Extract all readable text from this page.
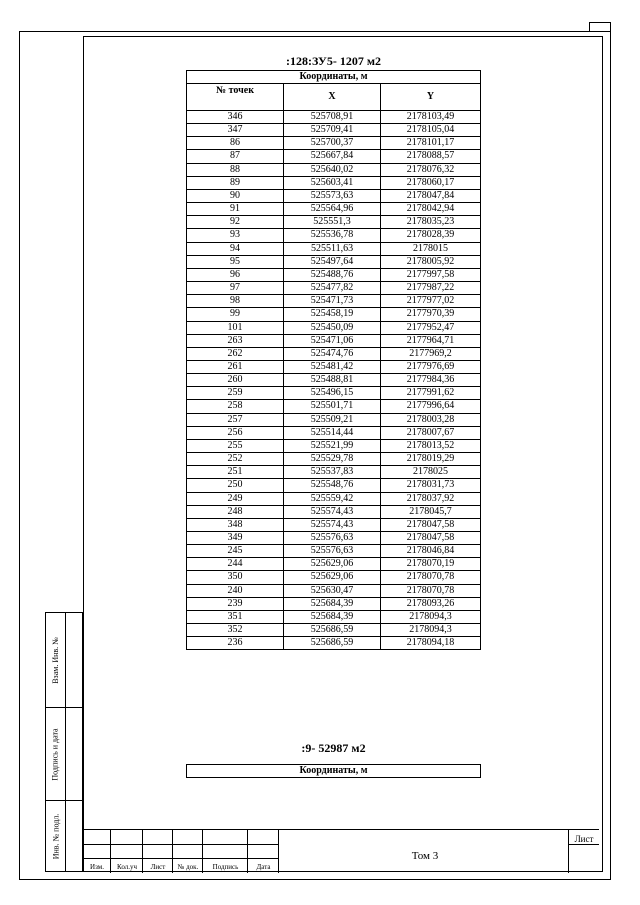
Взам. Инв. №
Подпись и дата
Инв. № подл.
:128:ЗУ5- 1207 м2
Координаты, м		
№ точек	X	Y
346	525708,91	2178103,49
347	525709,41	2178105,04
86	525700,37	2178101,17
87	525667,84	2178088,57
88	525640,02	2178076,32
89	525603,41	2178060,17
90	525573,63	2178047,84
91	525564,96	2178042,94
92	525551,3	2178035,23
93	525536,78	2178028,39
94	525511,63	2178015
95	525497,64	2178005,92
96	525488,76	2177997,58
97	525477,82	2177987,22
98	525471,73	2177977,02
99	525458,19	2177970,39
101	525450,09	2177952,47
263	525471,06	2177964,71
262	525474,76	2177969,2
261	525481,42	2177976,69
260	525488,81	2177984,36
259	525496,15	2177991,62
258	525501,71	2177996,64
257	525509,21	2178003,28
256	525514,44	2178007,67
255	525521,99	2178013,52
252	525529,78	2178019,29
251	525537,83	2178025
250	525548,76	2178031,73
249	525559,42	2178037,92
248	525574,43	2178045,7
348	525574,43	2178047,58
349	525576,63	2178047,58
245	525576,63	2178046,84
244	525629,06	2178070,19
350	525629,06	2178070,78
240	525630,47	2178070,78
239	525684,39	2178093,26
351	525684,39	2178094,3
352	525686,59	2178094,3
236	525686,59	2178094,18
:9- 52987 м2
Координаты, м
Изм.	Кол.уч	Лист	№ док.	Подпись	Дата
Том 3
Лист
